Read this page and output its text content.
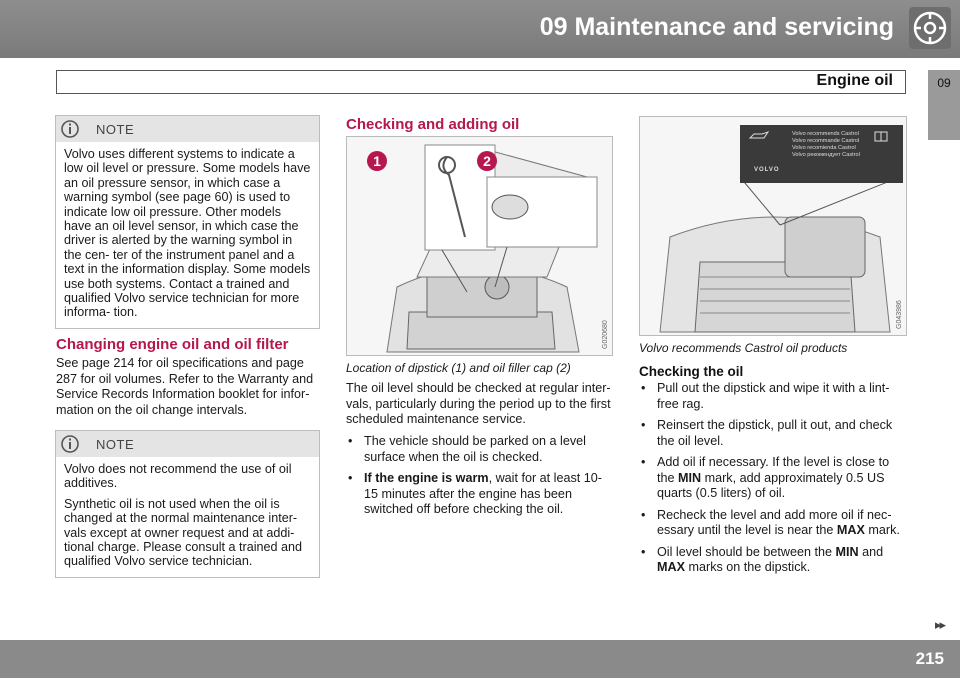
09 Maintenance and servicing
Engine oil	09
NOTE

Volvo uses different systems to indicate a low oil level or pressure. Some models have an oil pressure sensor, in which case a warning symbol (see page 60) is used to indicate low oil pressure. Other models have an oil level sensor, in which case the driver is alerted by the warning symbol in the cen- ter of the instrument panel and a text in the information display. Some models use both systems. Contact a trained and qualified Volvo service technician for more informa- tion.

Changing engine oil and oil filter

See page 214 for oil specifications and page 287 for oil volumes. Refer to the Warranty and Service Records Information booklet for infor- mation on the oil change intervals.

NOTE

Volvo does not recommend the use of oil additives.

Synthetic oil is not used when the oil is changed at the normal maintenance inter- vals except at owner request and at addi- tional charge. Please consult a trained and qualified Volvo service technician.

Checking and adding oil
1	2
G020680
Location of dipstick (1) and oil filler cap (2)

The oil level should be checked at regular inter- vals, particularly during the period up to the first scheduled maintenance service.

• The vehicle should be parked on a level surface when the oil is checked.
• If the engine is warm, wait for at least 10-15 minutes after the engine has been switched off before checking the oil.
Volvo recommends Castrol
Volvo recommande Castrol
Volvo recomienda Castrol
Volvo рекомендует Castrol
VOLVO
G043986
Volvo recommends Castrol oil products
Checking the oil
• Pull out the dipstick and wipe it with a lint- free rag.
• Reinsert the dipstick, pull it out, and check the oil level.
• Add oil if necessary. If the level is close to the MIN mark, add approximately 0.5 US quarts (0.5 liters) of oil.
• Recheck the level and add more oil if nec- essary until the level is near the MAX mark.
• Oil level should be between the MIN and MAX marks on the dipstick.
▸▸
215
